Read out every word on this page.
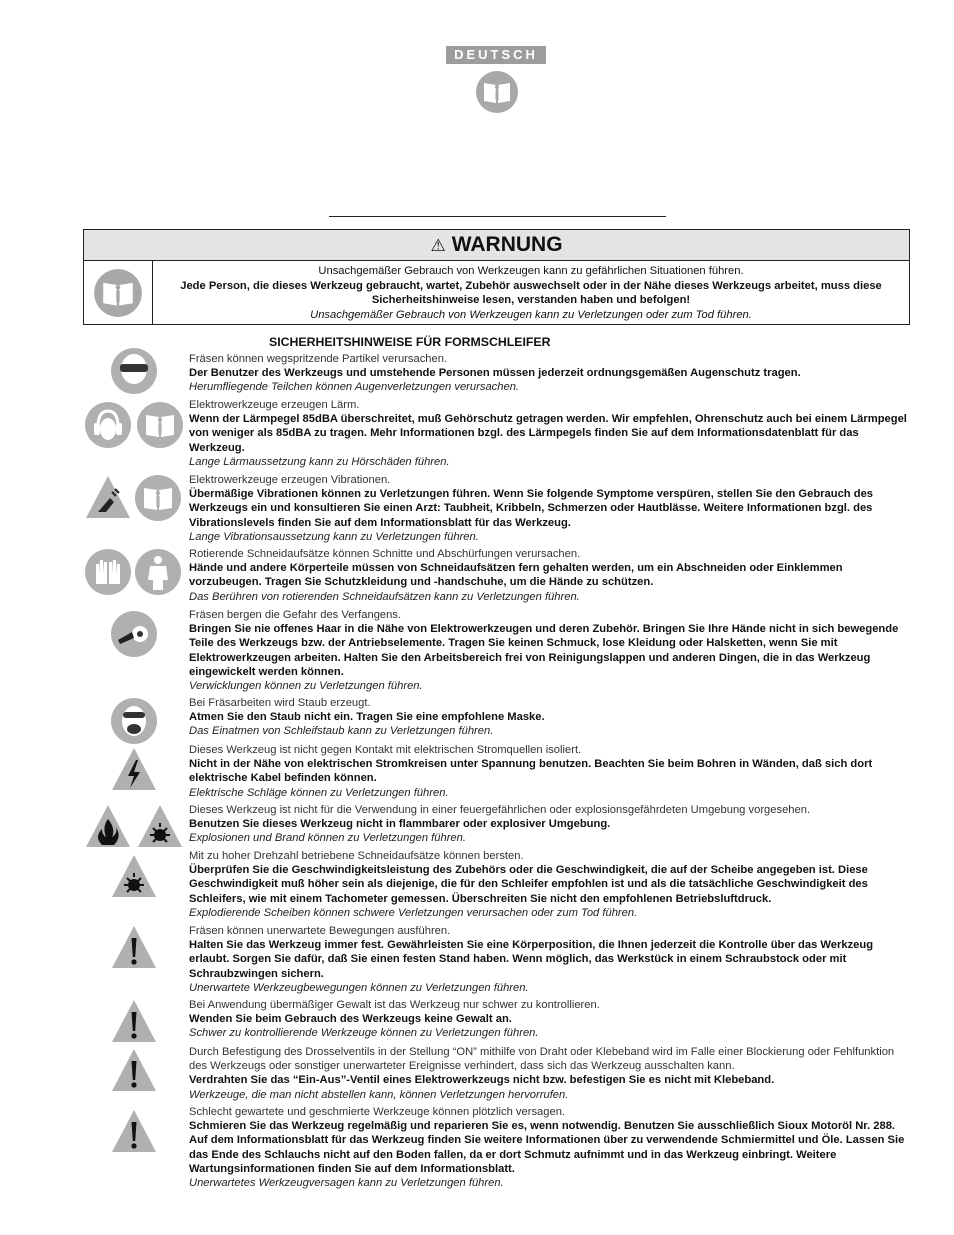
DEUTSCH
⚠ WARNUNG
Unsachgemäßer Gebrauch von Werkzeugen kann zu gefährlichen Situationen führen.
Jede Person, die dieses Werkzeug gebraucht, wartet, Zubehör auswechselt oder in der Nähe dieses Werkzeugs arbeitet, muss diese Sicherheitshinweise lesen, verstanden haben und befolgen!
Unsachgemäßer Gebrauch von Werkzeugen kann zu Verletzungen oder zum Tod führen.
SICHERHEITSHINWEISE FÜR FORMSCHLEIFER
Fräsen können wegspritzende Partikel verursachen.
Der Benutzer des Werkzeugs und umstehende Personen müssen jederzeit ordnungsgemäßen Augenschutz tragen.
Herumfliegende Teilchen können Augenverletzungen verursachen.
Elektrowerkzeuge erzeugen Lärm.
Wenn der Lärmpegel 85dBA überschreitet, muß Gehörschutz getragen werden. Wir empfehlen, Ohrenschutz auch bei einem Lärmpegel von weniger als 85dBA zu tragen. Mehr Informationen bzgl. des Lärmpegels finden Sie auf dem Informationsdatenblatt für das Werkzeug.
Lange Lärmaussetzung kann zu Hörschäden führen.
Elektrowerkzeuge erzeugen Vibrationen.
Übermäßige Vibrationen können zu Verletzungen führen. Wenn Sie folgende Symptome verspüren, stellen Sie den Gebrauch des Werkzeugs ein und konsultieren Sie einen Arzt: Taubheit, Kribbeln, Schmerzen oder Hautblässe. Weitere Informationen bzgl. des Vibrationslevels finden Sie auf dem Informationsblatt für das Werkzeug.
Lange Vibrationsaussetzung kann zu Verletzungen führen.
Rotierende Schneidaufsätze können Schnitte und Abschürfungen verursachen.
Hände und andere Körperteile müssen von Schneidaufsätzen fern gehalten werden, um ein Abschneiden oder Einklemmen vorzubeugen. Tragen Sie Schutzkleidung und -handschuhe, um die Hände zu schützen.
Das Berühren von rotierenden Schneidaufsätzen kann zu Verletzungen führen.
Fräsen bergen die Gefahr des Verfangens.
Bringen Sie nie offenes Haar in die Nähe von Elektrowerkzeugen und deren Zubehör. Bringen Sie Ihre Hände nicht in sich bewegende Teile des Werkzeugs bzw. der Antriebselemente. Tragen Sie keinen Schmuck, lose Kleidung oder Halsketten, wenn Sie mit Elektrowerkzeugen arbeiten. Halten Sie den Arbeitsbereich frei von Reinigungslappen und anderen Dingen, die in das Werkzeug eingewickelt werden können.
Verwicklungen können zu Verletzungen führen.
Bei Fräsarbeiten wird Staub erzeugt.
Atmen Sie den Staub nicht ein. Tragen Sie eine empfohlene Maske.
Das Einatmen von Schleifstaub kann zu Verletzungen führen.
Dieses Werkzeug ist nicht gegen Kontakt mit elektrischen Stromquellen isoliert.
Nicht in der Nähe von elektrischen Stromkreisen unter Spannung benutzen. Beachten Sie beim Bohren in Wänden, daß sich dort elektrische Kabel befinden können.
Elektrische Schläge können zu Verletzungen führen.
Dieses Werkzeug ist nicht für die Verwendung in einer feuergefährlichen oder explosionsgefährdeten Umgebung vorgesehen.
Benutzen Sie dieses Werkzeug nicht in flammbarer oder explosiver Umgebung.
Explosionen und Brand können zu Verletzungen führen.
Mit zu hoher Drehzahl betriebene Schneidaufsätze können bersten.
Überprüfen Sie die Geschwindigkeitsleistung des Zubehörs oder die Geschwindigkeit, die auf der Scheibe angegeben ist. Diese Geschwindigkeit muß höher sein als diejenige, die für den Schleifer empfohlen ist und als die tatsächliche Geschwindigkeit des Schleifers, wie mit einem Tachometer gemessen. Überschreiten Sie nicht den empfohlenen Betriebsluftdruck.
Explodierende Scheiben können schwere Verletzungen verursachen oder zum Tod führen.
Fräsen können unerwartete Bewegungen ausführen.
Halten Sie das Werkzeug immer fest. Gewährleisten Sie eine Körperposition, die Ihnen jederzeit die Kontrolle über das Werkzeug erlaubt. Sorgen Sie dafür, daß Sie einen festen Stand haben. Wenn möglich, das Werkstück in einem Schraubstock oder mit Schraubzwingen sichern.
Unerwartete Werkzeugbewegungen können zu Verletzungen führen.
Bei Anwendung übermäßiger Gewalt ist das Werkzeug nur schwer zu kontrollieren.
Wenden Sie beim Gebrauch des Werkzeugs keine Gewalt an.
Schwer zu kontrollierende Werkzeuge können zu Verletzungen führen.
Durch Befestigung des Drosselventils in der Stellung “ON” mithilfe von Draht oder Klebeband wird im Falle einer Blockierung oder Fehlfunktion des Werkzeugs oder sonstiger unerwarteter Ereignisse verhindert, dass sich das Werkzeug ausschalten kann.
Verdrahten Sie das “Ein-Aus”-Ventil eines Elektrowerkzeugs nicht bzw. befestigen Sie es nicht mit Klebeband.
Werkzeuge, die man nicht abstellen kann, können Verletzungen hervorrufen.
Schlecht gewartete und geschmierte Werkzeuge können plötzlich versagen.
Schmieren Sie das Werkzeug regelmäßig und reparieren Sie es, wenn notwendig. Benutzen Sie ausschließlich Sioux Motoröl Nr. 288. Auf dem Informationsblatt für das Werkzeug finden Sie weitere Informationen über zu verwendende Schmiermittel und Öle. Lassen Sie das Ende des Schlauchs nicht auf den Boden fallen, da er dort Schmutz aufnimmt und in das Werkzeug einbringt. Weitere Wartungsinformationen finden Sie auf dem Informationsblatt.
Unerwartetes Werkzeugversagen kann zu Verletzungen führen.
